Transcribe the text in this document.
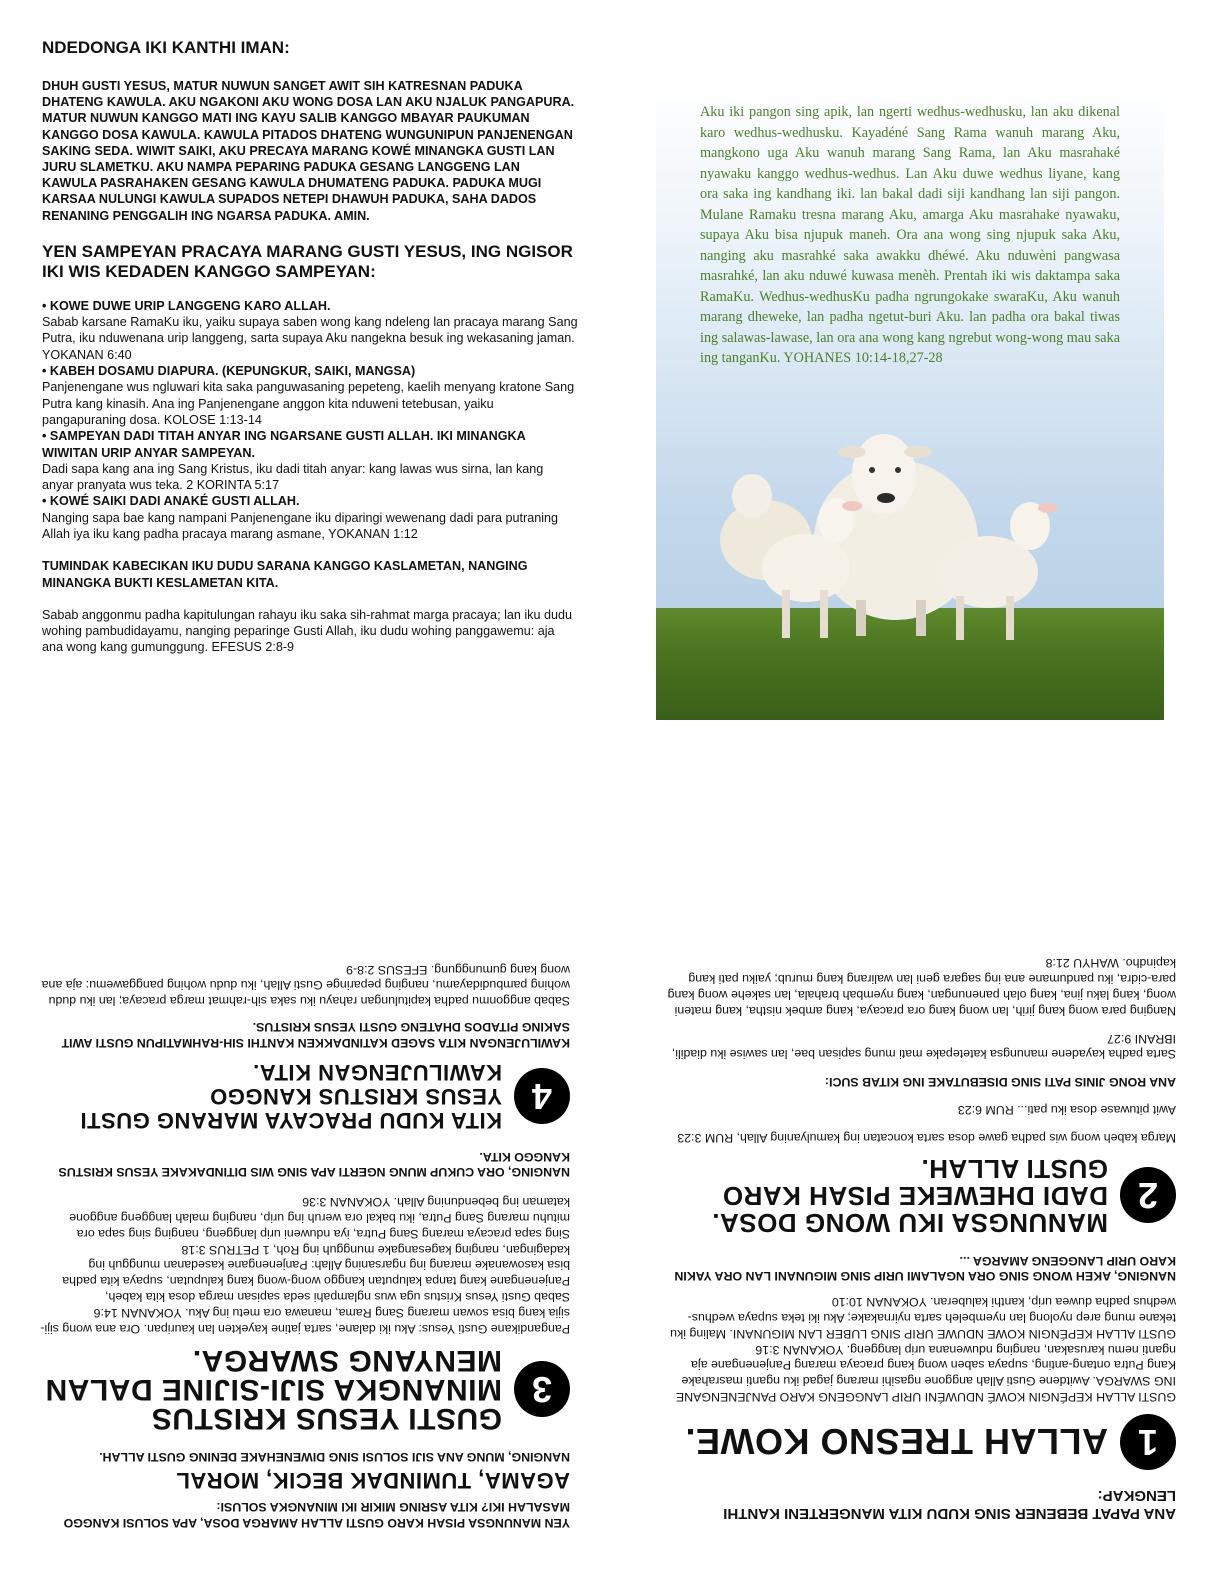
NDEDONGA IKI KANTHI IMAN:
DHUH GUSTI YESUS, MATUR NUWUN SANGET AWIT SIH KATRESNAN PADUKA DHATENG KAWULA. AKU NGAKONI AKU WONG DOSA LAN AKU NJALUK PANGAPURA. MATUR NUWUN KANGGO MATI ING KAYU SALIB KANGGO MBAYAR PAUKUMAN KANGGO DOSA KAWULA. KAWULA PITADOS DHATENG WUNGUNIPUN PANJENENGAN SAKING SEDA. WIWIT SAIKI, AKU PRECAYA MARANG KOWÉ MINANGKA GUSTI LAN JURU SLAMETKU. AKU NAMPA PEPARING PADUKA GESANG LANGGENG LAN KAWULA PASRAHAKEN GESANG KAWULA DHUMATENG PADUKA. PADUKA MUGI KARSAA NULUNGI KAWULA SUPADOS NETEPI DHAWUH PADUKA, SAHA DADOS RENANING PENGGALIH ING NGARSA PADUKA. AMIN.
YEN SAMPEYAN PRACAYA MARANG GUSTI YESUS, ING NGISOR IKI WIS KEDADEN KANGGO SAMPEYAN:
• KOWE DUWE URIP LANGGENG KARO ALLAH.
Sabab karsane RamaKu iku, yaiku supaya saben wong kang ndeleng lan pracaya marang Sang Putra, iku nduwenana urip langgeng, sarta supaya Aku nangekna besuk ing wekasaning jaman. YOKANAN 6:40
• KABEH DOSAMU DIAPURA. (KEPUNGKUR, SAIKI, MANGSA)
Panjenengane wus ngluwari kita saka panguwasaning pepeteng, kaelih menyang kratone Sang Putra kang kinasih. Ana ing Panjenengane anggon kita nduweni tetebusan, yaiku pangapuraning dosa. KOLOSE 1:13-14
• SAMPEYAN DADI TITAH ANYAR ING NGARSANE GUSTI ALLAH. IKI MINANGKA WIWITAN URIP ANYAR SAMPEYAN.
Dadi sapa kang ana ing Sang Kristus, iku dadi titah anyar: kang lawas wus sirna, lan kang anyar pranyata wus teka. 2 KORINTA 5:17
• KOWÉ SAIKI DADI ANAKÉ GUSTI ALLAH.
Nanging sapa bae kang nampani Panjenengane iku diparingi wewenang dadi para putraning Allah iya iku kang padha pracaya marang asmane, YOKANAN 1:12
TUMINDAK KABECIKAN IKU DUDU SARANA KANGGO KASLAMETAN, NANGING MINANGKA BUKTI KESLAMETAN KITA.
Sabab anggonmu padha kapitulungan rahayu iku saka sih-rahmat marga pracaya; lan iku dudu wohing pambudidayamu, nanging peparinge Gusti Allah, iku dudu wohing panggawemu: aja ana wong kang gumunggung. EFESUS 2:8-9
Aku iki pangon sing apik, lan ngerti wedhus-wedhusku, lan aku dikenal karo wedhus-wedhusku. Kayadéné Sang Rama wanuh marang Aku, mangkono uga Aku wanuh marang Sang Rama, lan Aku masrahaké nyawaku kanggo wedhus-wedhus. Lan Aku duwe wedhus liyane, kang ora saka ing kandhang iki. lan bakal dadi siji kandhang lan siji pangon. Mulane Ramaku tresna marang Aku, amarga Aku masrahake nyawaku, supaya Aku bisa njupuk maneh. Ora ana wong sing njupuk saka Aku, nanging aku masrahké saka awakku dhéwé. Aku nduwèni pangwasa masrahké, lan aku nduwé kuwasa menèh. Prentah iki wis daktampa saka RamaKu. Wedhus-wedhusKu padha ngrungokake swaraKu, Aku wanuh marang dheweke, lan padha ngetut-buri Aku. lan padha ora bakal tiwas ing salawas-lawase, lan ora ana wong kang ngrebut wong-wong mau saka ing tanganKu. YOHANES 10:14-18,27-28
YEN MANUNGSA PISAH KARO GUSTI ALLAH AMARGA DOSA, APA SOLUSI KANGGO MASALAH IKI? KITA ASRING MIKIR IKI MINANGKA SOLUSI:
AGAMA, TUMINDAK BECIK, MORAL
NANGING, MUNG ANA SIJI SOLUSI SING DIWENEHAKE DENING GUSTI ALLAH.
3
GUSTI YESUS KRISTUS MINANGKA SIJI-SIJINE DALAN MENYANG SWARGA.
Pangandikane Gusti Yesus: Aku iki dalane, sarta jatine kayekten lan kauripan. Ora ana wong siji-sijia kang bisa sowan marang Sang Rama, manawa ora metu ing Aku. YOKANAN 14:6
Sabab Gusti Yesus Kristus uga wus nglampahi seda sapisan marga dosa kita kabeh, Panjenengane kang tanpa kaluputan kanggo wong-wong kang kaluputan, supaya kita padha bisa kasowanake marang ing ngarsaning Allah: Panjenengane kasedanan mungguh ing kadagingan, nanging kagesangake mungguh ing Roh, 1 PETRUS 3:18
Sing sapa pracaya marang Sang Putra, iya nduweni urip langgeng, nanging sing sapa ora mituhu marang Sang Putra, iku bakal ora weruh ing urip, nanging malah langgeng anggone kataman ing bebenduning Allah. YOKANAN 3:36
NANGING, ORA CUKUP MUNG NGERTI APA SING WIS DITINDAKAKE YESUS KRISTUS KANGGO KITA.
4
KITA KUDU PRACAYA MARANG GUSTI YESUS KRISTUS KANGGO KAWILUJENGAN KITA.
KAWILUJENGAN KITA SAGED KATINDAKKEN KANTHI SIH-RAHMATIPUN GUSTI AWIT SAKING PITADOS DHATENG GUSTI YESUS KRISTUS.
Sabab anggonmu padha kapitulungan rahayu iku saka sih-rahmat marga pracaya; lan iku dudu wohing pambudidayamu, nanging peparinge Gusti Allah, iku dudu wohing panggawemu: aja ana wong kang gumunggung. EFESUS 2:8-9
ANA PAPAT BEBENER SING KUDU KITA MANGERTENI KANTHI LENGKAP:
1
ALLAH TRESNO KOWE.
GUSTI ALLAH KEPÉNGIN KOWÉ NDUWÉNI URIP LANGGENG KARO PANJENENGANE ING SWARGA. Awitdene Gusti Allah anggone ngasihi marang jagad iku nganti masrahake Kang Putra ontang-anting, supaya saben wong kang pracaya marang Panjenengane aja nganti nemu karusakan, nanging nduwenana urip langgeng. YOKANAN 3:16
GUSTI ALLAH KEPÉNGIN KOWE NDUWE URIP SING LUBER LAN MIGUNANI. Maling iku tekane mung arep nyolong lan nyembeleh sarta nyirnakake; Aku iki teka supaya wedhus-wedhus padha duwea urip, kanthi kaluberan. YOKANAN 10:10
NANGING, AKEH WONG SING ORA NGALAMI URIP SING MIGUNANI LAN ORA YAKIN KARO URIP LANGGENG AMARGA ...
2
MANUNGSA IKU WONG DOSA. DADI DHEWEKE PISAH KARO GUSTI ALLAH.
Marga kabeh wong wis padha gawe dosa sarta koncatan ing kamulyaning Allah, RUM 3:23
Awit pituwase dosa iku pati... RUM 6:23
ANA RONG JINIS PATI SING DISEBUTAKE ING KITAB SUCI:
Sarta padha kayadene manungsa katetepake mati mung sapisan bae, lan sawise iku diadili, IBRANI 9:27
Nanging para wong kang jirih, lan wong kang ora pracaya, kang ambek nistha, kang mateni wong, kang laku jina, kang olah panenungan, kang nyembah brahala, lan sakehe wong kang para-cidra, iku pandumane ana ing sagara geni lan walirang kang murub; yaiku pati kang kapindho. WAHYU 21:8
